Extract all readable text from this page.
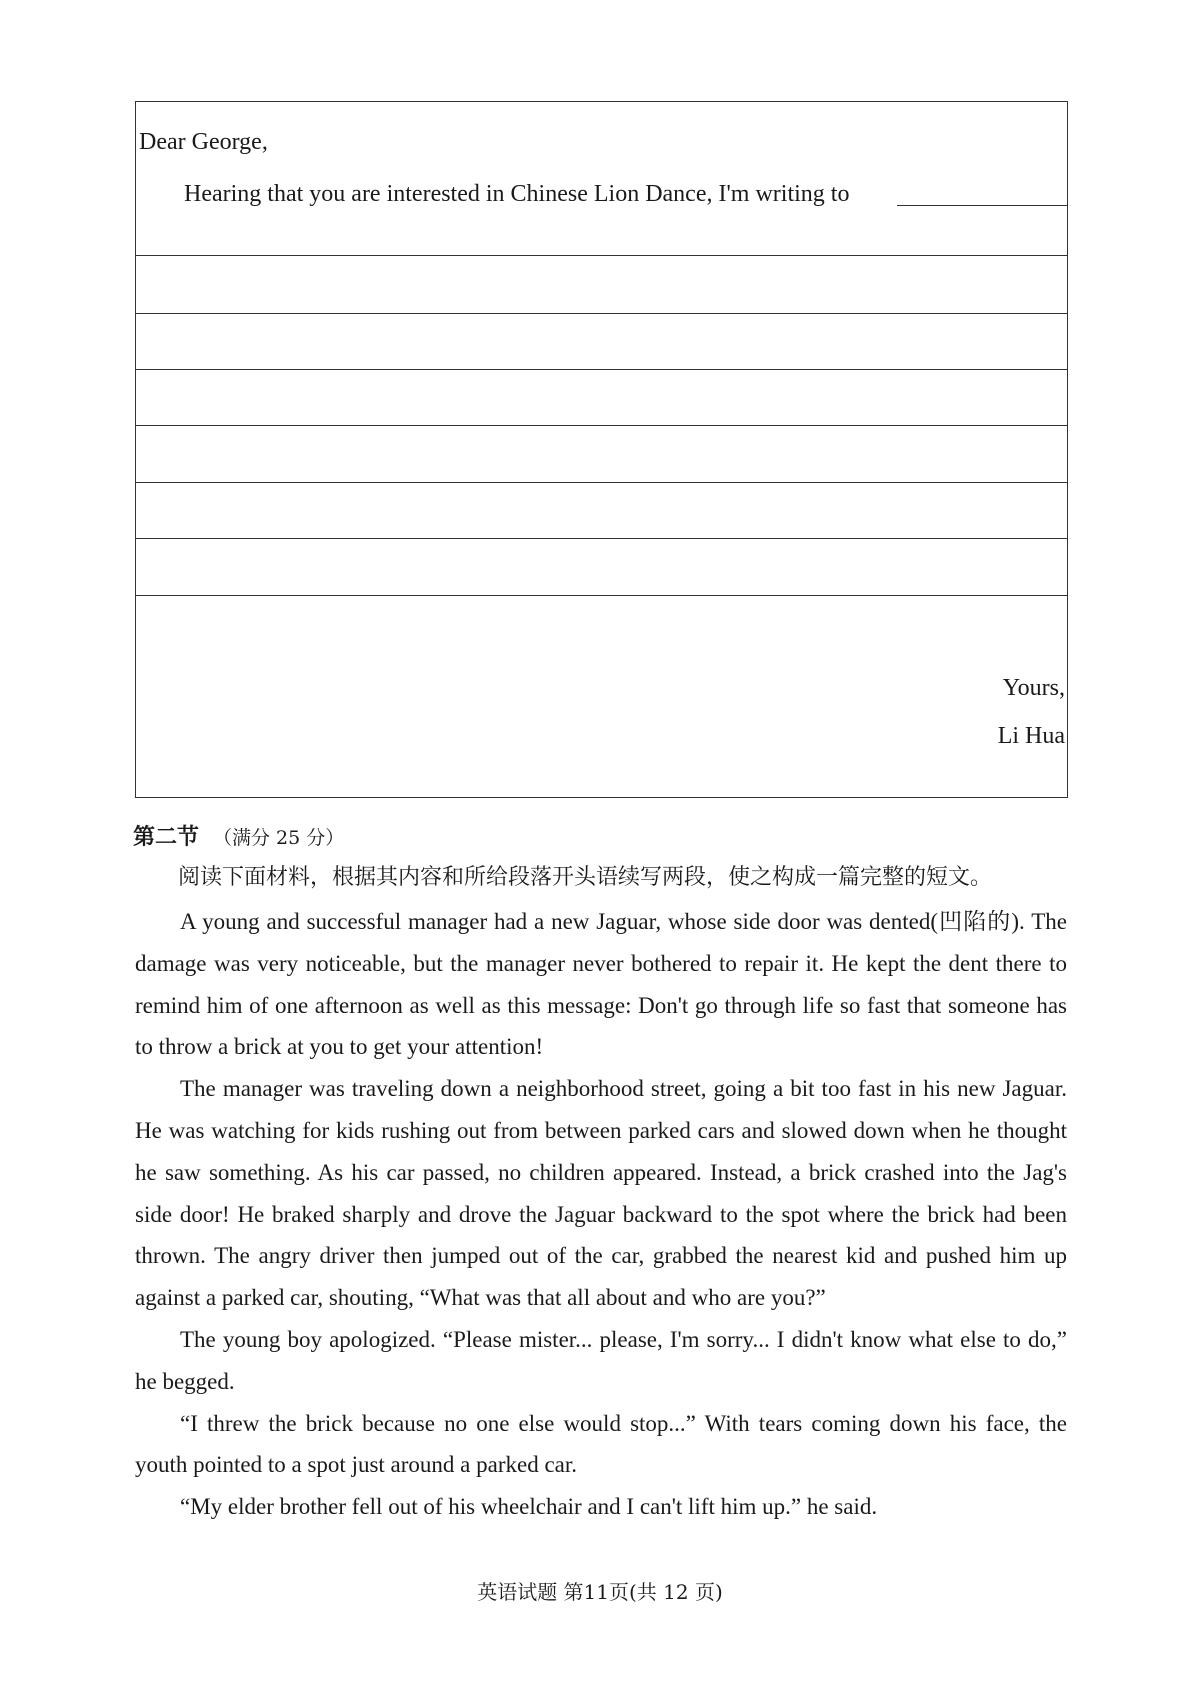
Dear George,
Hearing that you are interested in Chinese Lion Dance, I'm writing to
Yours,
Li Hua
第二节 （满分 25 分）
阅读下面材料，根据其内容和所给段落开头语续写两段，使之构成一篇完整的短文。

A young and successful manager had a new Jaguar, whose side door was dented(凹陷的). The damage was very noticeable, but the manager never bothered to repair it. He kept the dent there to remind him of one afternoon as well as this message: Don't go through life so fast that someone has to throw a brick at you to get your attention!

The manager was traveling down a neighborhood street, going a bit too fast in his new Jaguar. He was watching for kids rushing out from between parked cars and slowed down when he thought he saw something. As his car passed, no children appeared. Instead, a brick crashed into the Jag's side door! He braked sharply and drove the Jaguar backward to the spot where the brick had been thrown. The angry driver then jumped out of the car, grabbed the nearest kid and pushed him up against a parked car, shouting, “What was that all about and who are you?”

The young boy apologized. “Please mister... please, I'm sorry... I didn't know what else to do,” he begged.

“I threw the brick because no one else would stop...” With tears coming down his face, the youth pointed to a spot just around a parked car.

“My elder brother fell out of his wheelchair and I can't lift him up.” he said.

英语试题 第11页(共 12 页)
